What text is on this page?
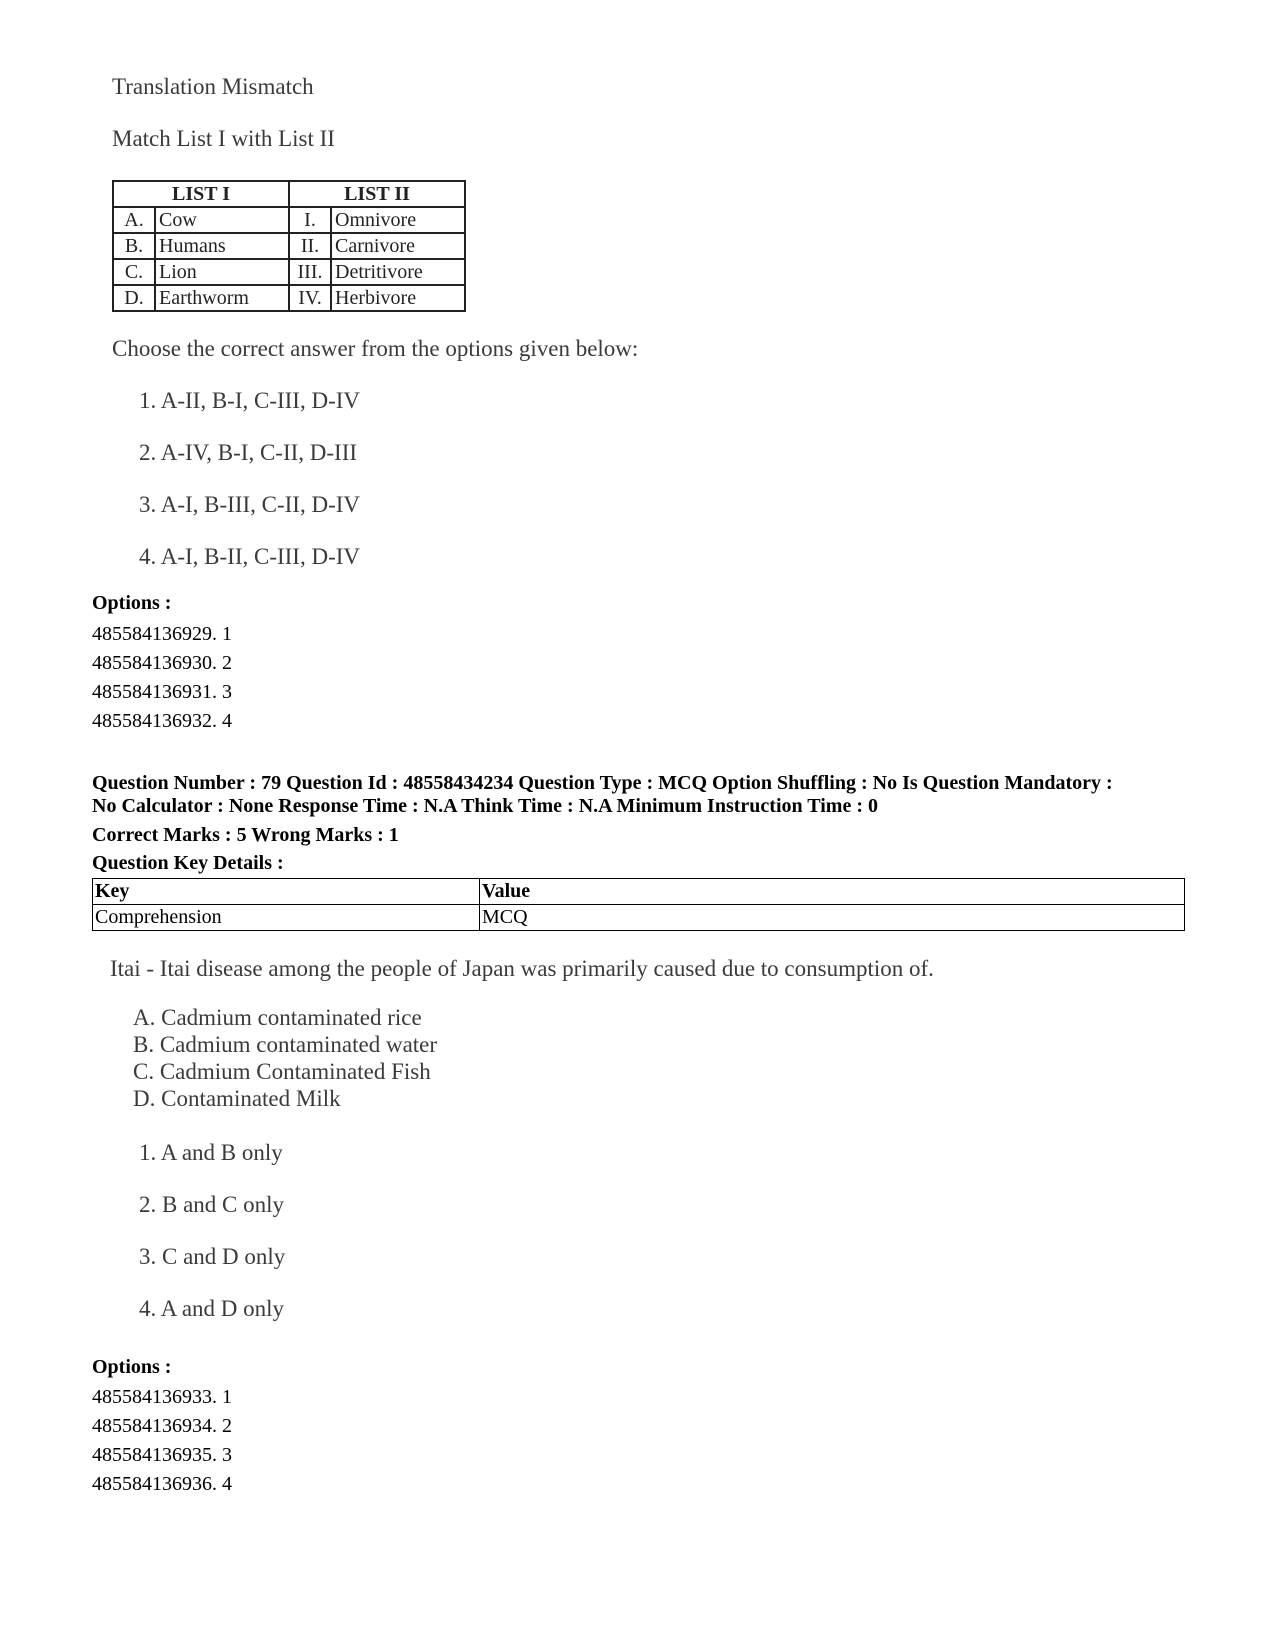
Translation Mismatch
Match List I with List II
LIST I		LIST II	
A.	Cow	I.	Omnivore
B.	Humans	II.	Carnivore
C.	Lion	III.	Detritivore
D.	Earthworm	IV.	Herbivore
Choose the correct answer from the options given below:
1. A-II, B-I, C-III, D-IV
2. A-IV, B-I, C-II, D-III
3. A-I, B-III, C-II, D-IV
4. A-I, B-II, C-III, D-IV
Options :
485584136929. 1
485584136930. 2
485584136931. 3
485584136932. 4
Question Number : 79 Question Id : 48558434234 Question Type : MCQ Option Shuffling : No Is Question Mandatory :
No Calculator : None Response Time : N.A Think Time : N.A Minimum Instruction Time : 0
Correct Marks : 5 Wrong Marks : 1
Question Key Details :
Key	Value
Comprehension	MCQ
Itai - Itai disease among the people of Japan was primarily caused due to consumption of.
A. Cadmium contaminated rice
B. Cadmium contaminated water
C. Cadmium Contaminated Fish
D. Contaminated Milk
1. A and B only
2. B and C only
3. C and D only
4. A and D only
Options :
485584136933. 1
485584136934. 2
485584136935. 3
485584136936. 4
